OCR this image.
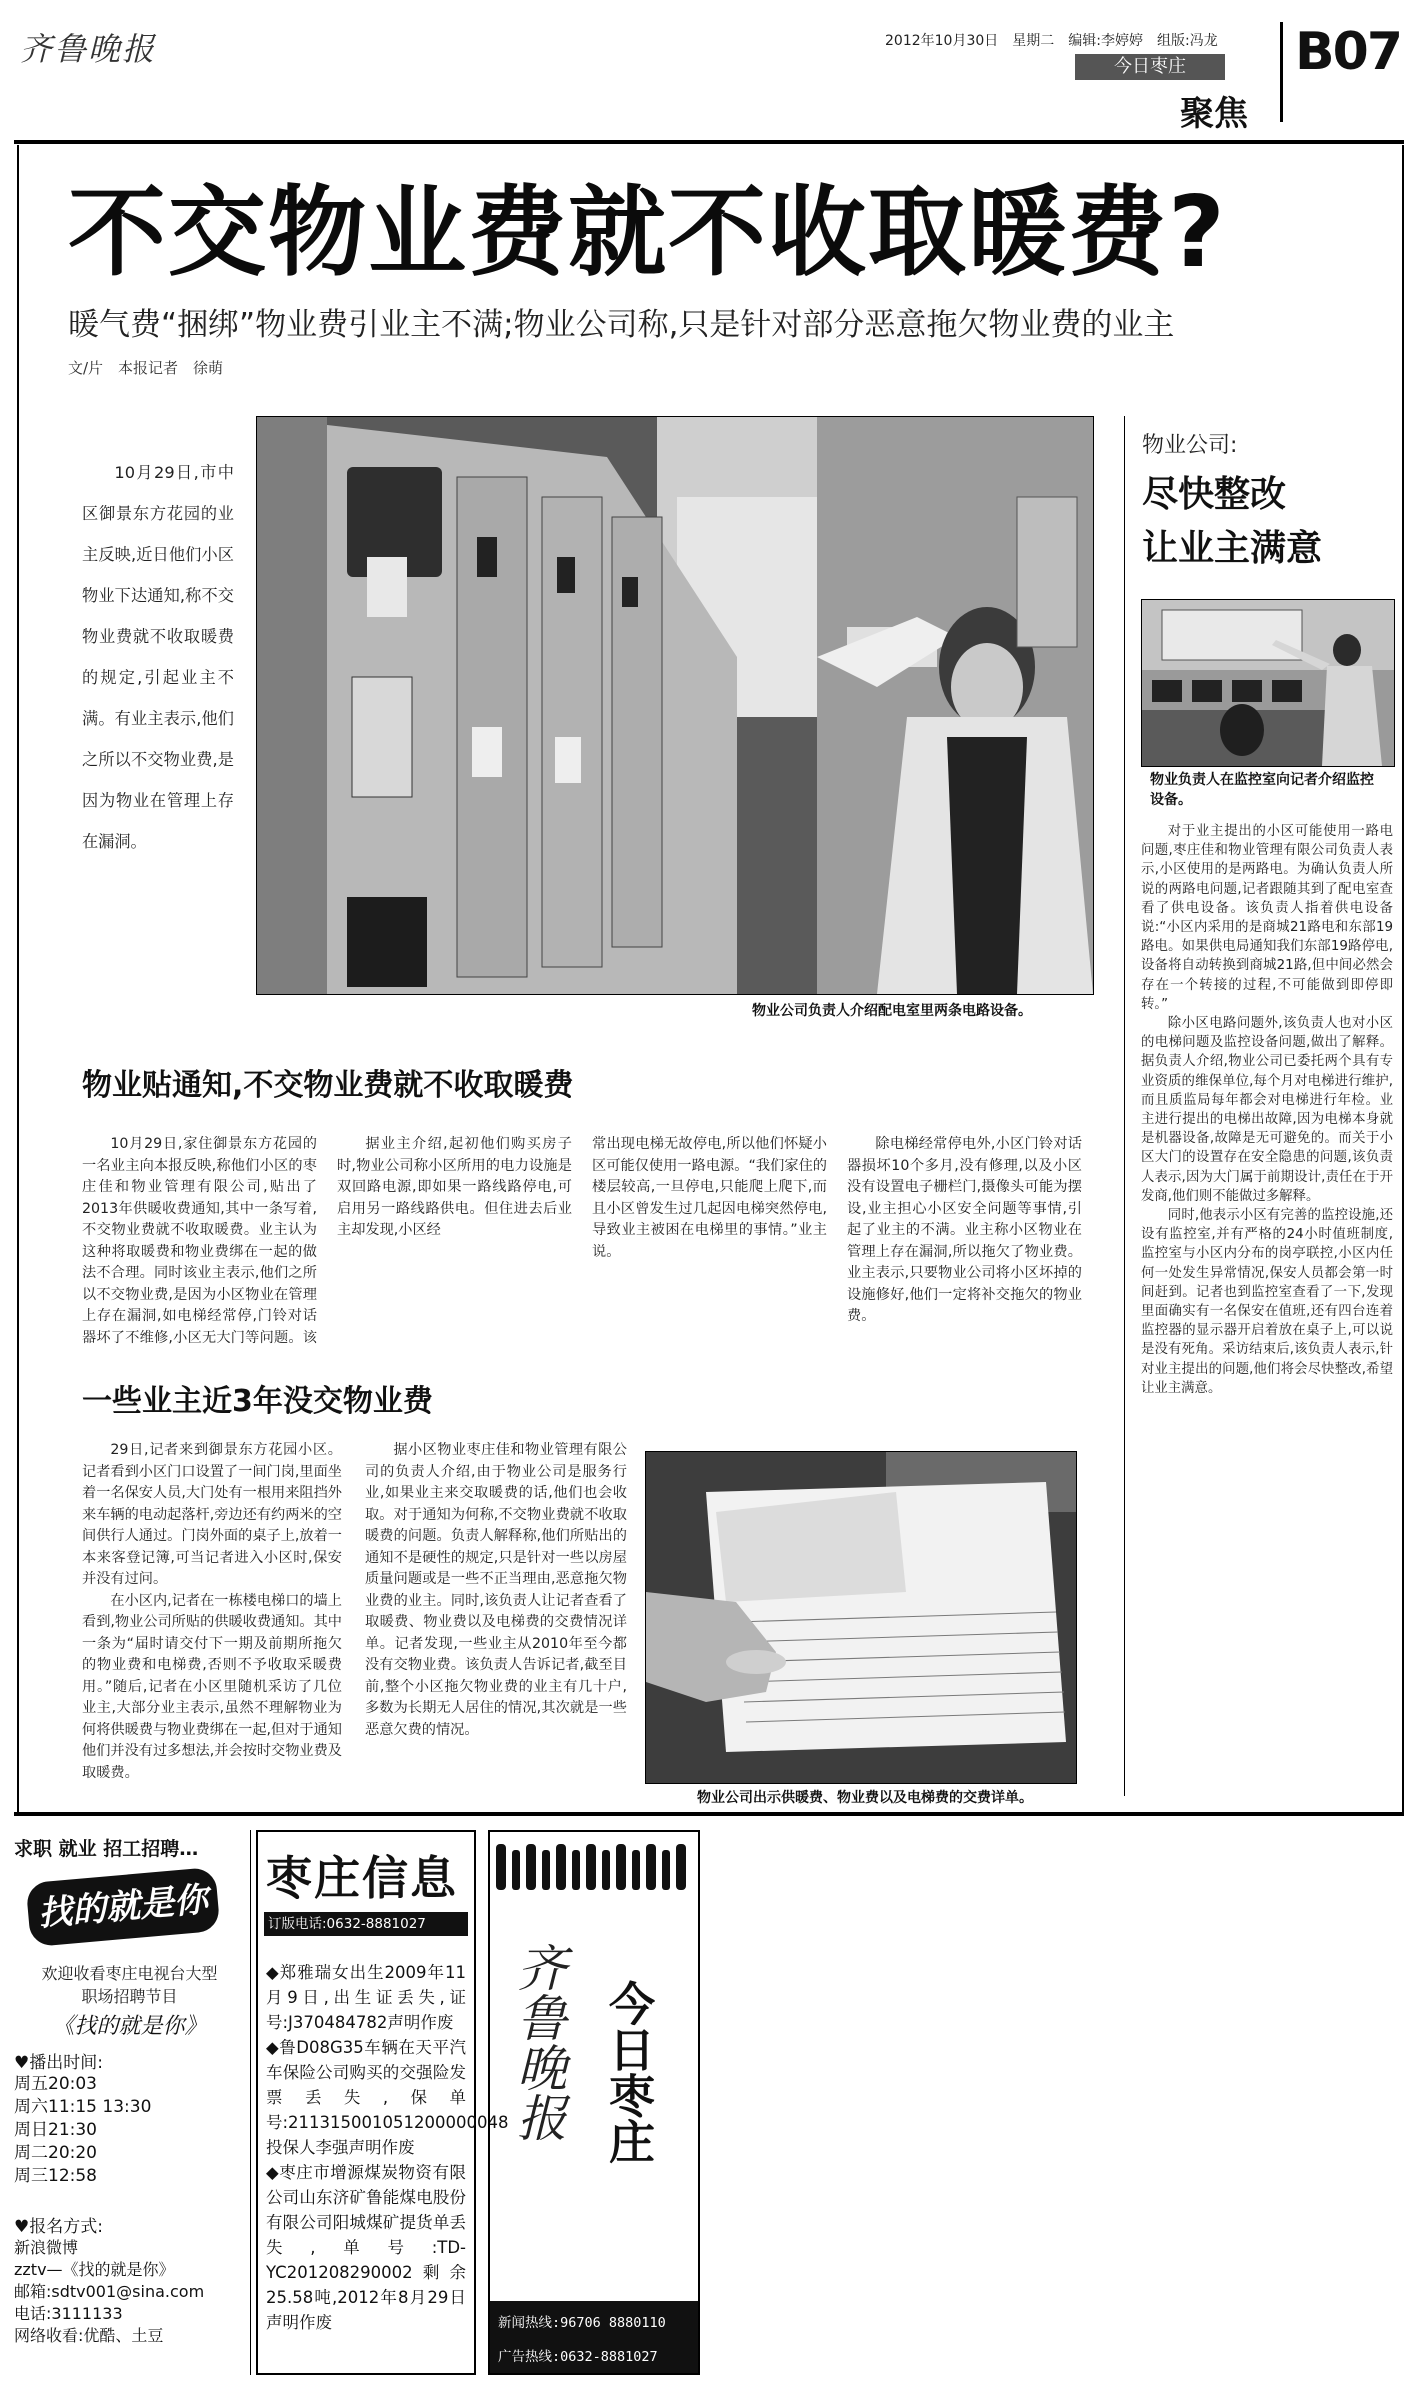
齐鲁晚报	2012年10月30日　星期二　编辑:李婷婷　组版:冯龙
今日枣庄
聚焦
B07
不交物业费就不收取暖费?
暖气费“捆绑”物业费引业主不满;物业公司称,只是针对部分恶意拖欠物业费的业主
文/片　本报记者　徐萌
10月29日,市中区御景东方花园的业主反映,近日他们小区物业下达通知,称不交物业费就不收取暖费的规定,引起业主不满。有业主表示,他们之所以不交物业费,是因为物业在管理上存在漏洞。
物业公司负责人介绍配电室里两条电路设备。
物业贴通知,不交物业费就不收取暖费

10月29日,家住御景东方花园的一名业主向本报反映,称他们小区的枣庄佳和物业管理有限公司,贴出了2013年供暖收费通知,其中一条写着,不交物业费就不收取暖费。业主认为这种将取暖费和物业费绑在一起的做法不合理。同时该业主表示,他们之所以不交物业费,是因为小区物业在管理上存在漏洞,如电梯经常停,门铃对话器坏了不维修,小区无大门等问题。该

据业主介绍,起初他们购买房子时,物业公司称小区所用的电力设施是双回路电源,即如果一路线路停电,可启用另一路线路供电。但住进去后业主却发现,小区经

常出现电梯无故停电,所以他们怀疑小区可能仅使用一路电源。“我们家住的楼层较高,一旦停电,只能爬上爬下,而且小区曾发生过几起因电梯突然停电,导致业主被困在电梯里的事情。”业主说。

除电梯经常停电外,小区门铃对话器损坏10个多月,没有修理,以及小区没有设置电子栅栏门,摄像头可能为摆设,业主担心小区安全问题等事情,引起了业主的不满。业主称小区物业在管理上存在漏洞,所以拖欠了物业费。业主表示,只要物业公司将小区坏掉的设施修好,他们一定将补交拖欠的物业费。

一些业主近3年没交物业费

29日,记者来到御景东方花园小区。记者看到小区门口设置了一间门岗,里面坐着一名保安人员,大门处有一根用来阻挡外来车辆的电动起落杆,旁边还有约两米的空间供行人通过。门岗外面的桌子上,放着一本来客登记簿,可当记者进入小区时,保安并没有过问。

在小区内,记者在一栋楼电梯口的墙上看到,物业公司所贴的供暖收费通知。其中一条为“届时请交付下一期及前期所拖欠的物业费和电梯费,否则不予收取采暖费用。”随后,记者在小区里随机采访了几位业主,大部分业主表示,虽然不理解物业为何将供暖费与物业费绑在一起,但对于通知他们并没有过多想法,并会按时交物业费及取暖费。

据小区物业枣庄佳和物业管理有限公司的负责人介绍,由于物业公司是服务行业,如果业主来交取暖费的话,他们也会收取。对于通知为何称,不交物业费就不收取暖费的问题。负责人解释称,他们所贴出的通知不是硬性的规定,只是针对一些以房屋质量问题或是一些不正当理由,恶意拖欠物业费的业主。同时,该负责人让记者查看了取暖费、物业费以及电梯费的交费情况详单。记者发现,一些业主从2010年至今都没有交物业费。该负责人告诉记者,截至目前,整个小区拖欠物业费的业主有几十户,多数为长期无人居住的情况,其次就是一些恶意欠费的情况。

物业公司出示供暖费、物业费以及电梯费的交费详单。
物业公司:
尽快整改
让业主满意
物业负责人在监控室向记者介绍监控设备。

对于业主提出的小区可能使用一路电问题,枣庄佳和物业管理有限公司负责人表示,小区使用的是两路电。为确认负责人所说的两路电问题,记者跟随其到了配电室查看了供电设备。该负责人指着供电设备说:“小区内采用的是商城21路电和东部19路电。如果供电局通知我们东部19路停电,设备将自动转换到商城21路,但中间必然会存在一个转接的过程,不可能做到即停即转。”

除小区电路问题外,该负责人也对小区的电梯问题及监控设备问题,做出了解释。据负责人介绍,物业公司已委托两个具有专业资质的维保单位,每个月对电梯进行维护,而且质监局每年都会对电梯进行年检。业主进行提出的电梯出故障,因为电梯本身就是机器设备,故障是无可避免的。而关于小区大门的设置存在安全隐患的问题,该负责人表示,因为大门属于前期设计,责任在于开发商,他们则不能做过多解释。

同时,他表示小区有完善的监控设施,还设有监控室,并有严格的24小时值班制度,监控室与小区内分布的岗亭联控,小区内任何一处发生异常情况,保安人员都会第一时间赶到。记者也到监控室查看了一下,发现里面确实有一名保安在值班,还有四台连着监控器的显示器开启着放在桌子上,可以说是没有死角。采访结束后,该负责人表示,针对业主提出的问题,他们将会尽快整改,希望让业主满意。

求职 就业 招工招聘…
找的就是你
欢迎收看枣庄电视台大型
职场招聘节目
《找的就是你》
♥播出时间:
周五20:03
周六11:15 13:30
周日21:30
周二20:20
周三12:58
♥报名方式:
新浪微博
zztv—《找的就是你》
邮箱:sdtv001@sina.com
电话:3111133
网络收看:优酷、土豆
枣庄信息
订版电话:0632-8881027
◆郑雅瑞女出生2009年11月9日,出生证丢失,证号:J370484782声明作废
◆鲁D08G35车辆在天平汽车保险公司购买的交强险发票丢失,保单号:211315001051200000048投保人李强声明作废
◆枣庄市增源煤炭物资有限公司山东济矿鲁能煤电股份有限公司阳城煤矿提货单丢失,单号:TD-YC201208290002剩余25.58吨,2012年8月29日声明作废
齐鲁晚报 今日枣庄
新闻热线:96706 8880110
广告热线:0632-8881027
